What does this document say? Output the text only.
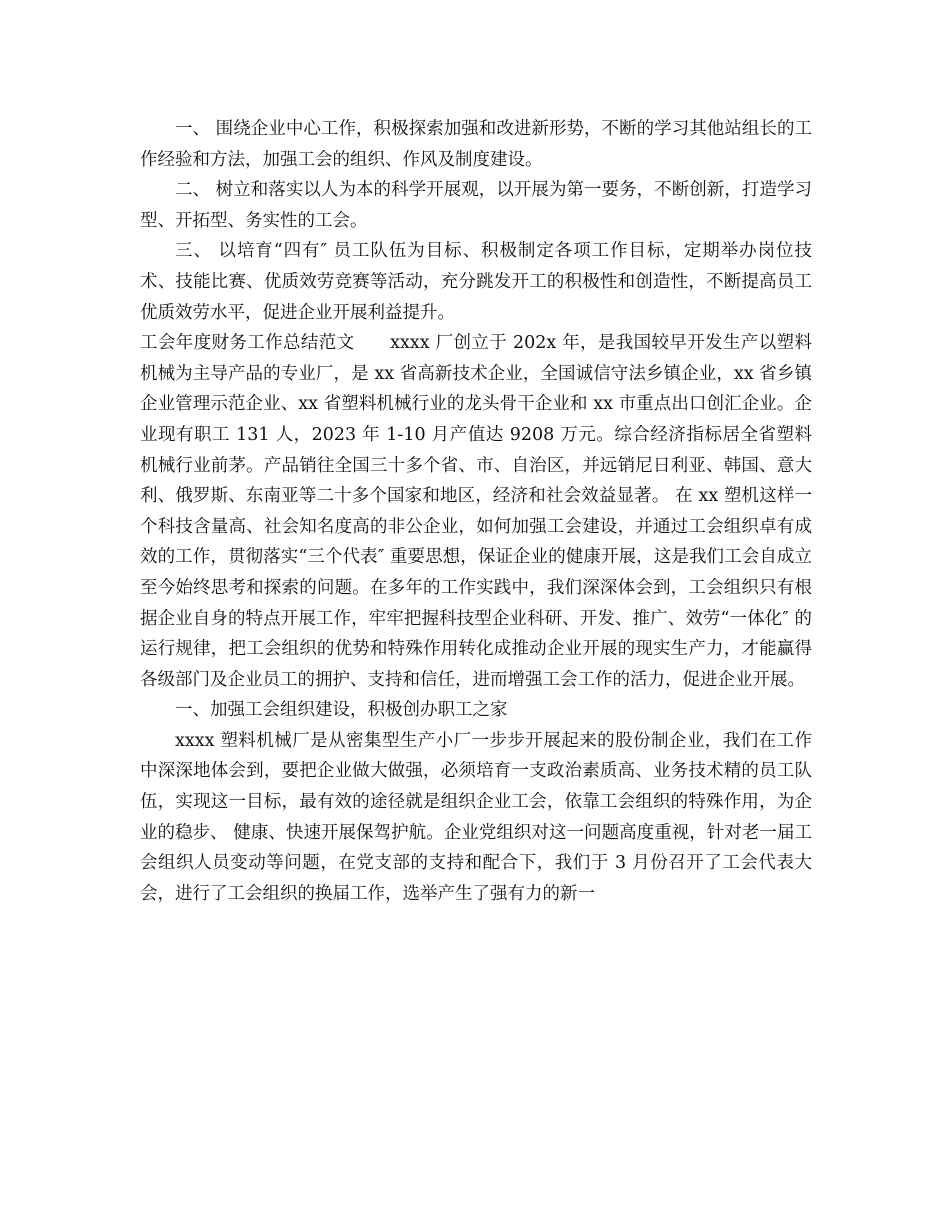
一、 围绕企业中心工作，积极探索加强和改进新形势，不断的学习其他站组长的工作经验和方法，加强工会的组织、作风及制度建设。

二、 树立和落实以人为本的科学开展观，以开展为第一要务，不断创新，打造学习型、开拓型、务实性的工会。

三、 以培育“四有″ 员工队伍为目标、积极制定各项工作目标，定期举办岗位技术、技能比赛、优质效劳竞赛等活动，充分跳发开工的积极性和创造性，不断提高员工优质效劳水平，促进企业开展利益提升。

工会年度财务工作总结范文　　xxxx 厂创立于 202x 年，是我国较早开发生产以塑料机械为主导产品的专业厂，是 xx 省高新技术企业，全国诚信守法乡镇企业，xx 省乡镇企业管理示范企业、xx 省塑料机械行业的龙头骨干企业和 xx 市重点出口创汇企业。企业现有职工 131 人，2023 年 1-10 月产值达 9208 万元。综合经济指标居全省塑料机械行业前茅。产品销往全国三十多个省、市、自治区，并远销尼日利亚、韩国、意大利、俄罗斯、东南亚等二十多个国家和地区，经济和社会效益显著。 在 xx 塑机这样一个科技含量高、社会知名度高的非公企业，如何加强工会建设，并通过工会组织卓有成效的工作，贯彻落实“三个代表″ 重要思想，保证企业的健康开展，这是我们工会自成立至今始终思考和探索的问题。在多年的工作实践中，我们深深体会到，工会组织只有根据企业自身的特点开展工作，牢牢把握科技型企业科研、开发、推广、效劳“一体化″ 的运行规律，把工会组织的优势和特殊作用转化成推动企业开展的现实生产力，才能赢得各级部门及企业员工的拥护、支持和信任，进而增强工会工作的活力，促进企业开展。

一、加强工会组织建设，积极创办职工之家

xxxx 塑料机械厂是从密集型生产小厂一步步开展起来的股份制企业，我们在工作中深深地体会到，要把企业做大做强，必须培育一支政治素质高、业务技术精的员工队伍，实现这一目标，最有效的途径就是组织企业工会，依靠工会组织的特殊作用，为企业的稳步、 健康、快速开展保驾护航。企业党组织对这一问题高度重视，针对老一届工会组织人员变动等问题，在党支部的支持和配合下，我们于 3 月份召开了工会代表大会，进行了工会组织的换届工作，选举产生了强有力的新一
